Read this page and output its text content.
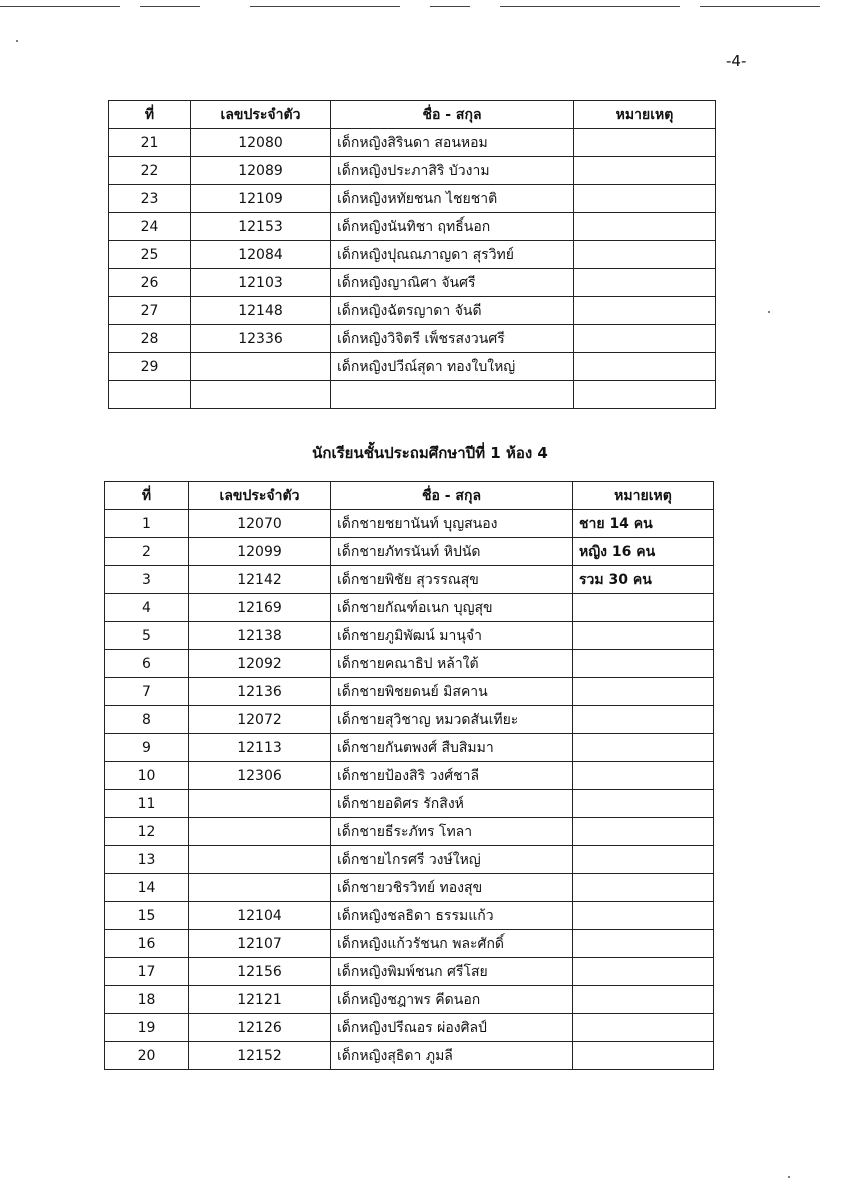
-4-
ที่	เลขประจำตัว	ชื่อ - สกุล	หมายเหตุ
21	12080	เด็กหญิงสิรินดา สอนหอม	
22	12089	เด็กหญิงประภาสิริ บัวงาม	
23	12109	เด็กหญิงหทัยชนก ไชยชาติ	
24	12153	เด็กหญิงนันทิชา ฤทธิ์นอก	
25	12084	เด็กหญิงปุณณภาญดา สุรวิทย์	
26	12103	เด็กหญิงญาณิศา จันศรี	
27	12148	เด็กหญิงฉัตรญาดา จันดี	
28	12336	เด็กหญิงวิจิตรี เพ็ชรสงวนศรี	
29		เด็กหญิงปวีณ์สุดา ทองใบใหญ่	

นักเรียนชั้นประถมศึกษาปีที่ 1 ห้อง 4
ที่	เลขประจำตัว	ชื่อ - สกุล	หมายเหตุ
1	12070	เด็กชายชยานันท์ บุญสนอง	ชาย 14 คน
2	12099	เด็กชายภัทรนันท์ หิปนัด	หญิง 16 คน
3	12142	เด็กชายพิชัย สุวรรณสุข	รวม 30 คน
4	12169	เด็กชายกัณฑ์อเนก บุญสุข	
5	12138	เด็กชายภูมิพัฒน์ มานุจำ	
6	12092	เด็กชายคณาธิป หล้าใต้	
7	12136	เด็กชายพิชยดนย์ มิสคาน	
8	12072	เด็กชายสุวิชาญ หมวดสันเทียะ	
9	12113	เด็กชายกันตพงศ์ สืบสิมมา	
10	12306	เด็กชายป้องสิริ วงศ์ชาลี	
11		เด็กชายอดิศร รักสิงห์	
12		เด็กชายธีระภัทร โทลา	
13		เด็กชายไกรศรี วงษ์ใหญ่	
14		เด็กชายวชิรวิทย์ ทองสุข	
15	12104	เด็กหญิงชลธิดา ธรรมแก้ว	
16	12107	เด็กหญิงแก้วรัชนก พละศักดิ์	
17	12156	เด็กหญิงพิมพ์ชนก ศรีโสย	
18	12121	เด็กหญิงชฎาพร คีดนอก	
19	12126	เด็กหญิงปรีณอร ผ่องศิลป์	
20	12152	เด็กหญิงสุธิดา ภูมลี	
